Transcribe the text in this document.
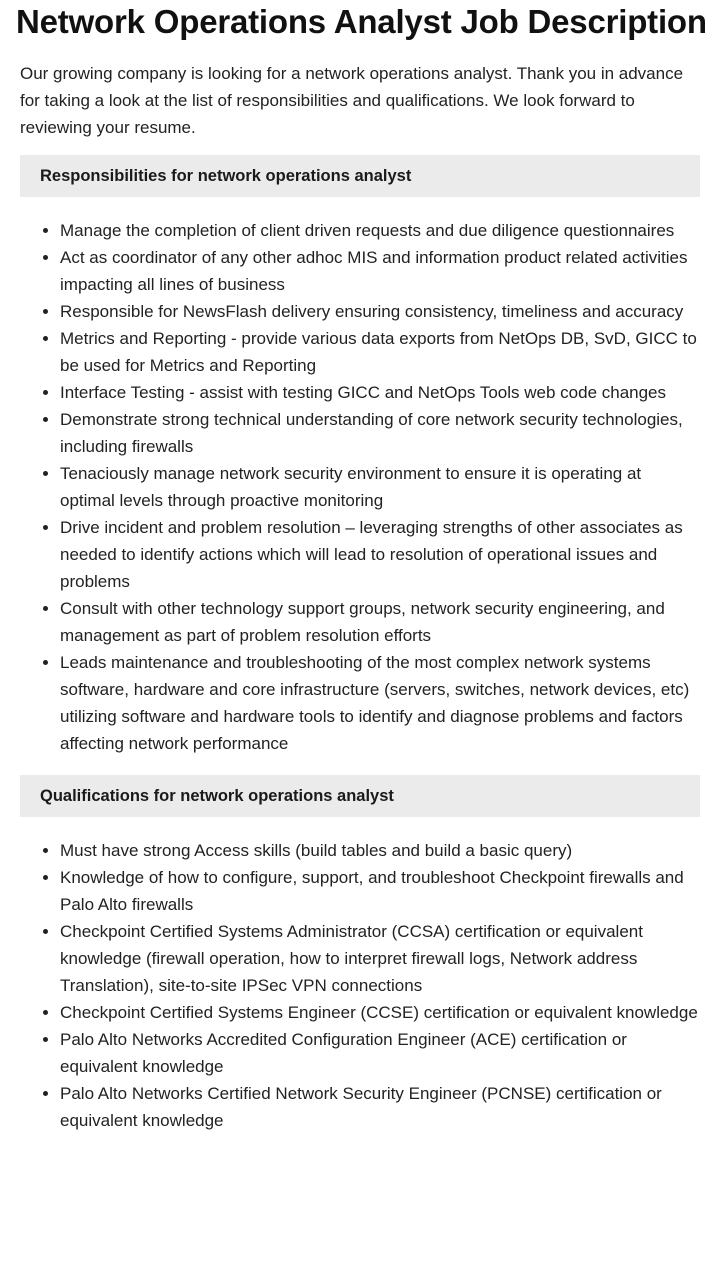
Network Operations Analyst Job Description

Our growing company is looking for a network operations analyst. Thank you in advance for taking a look at the list of responsibilities and qualifications. We look forward to reviewing your resume.

Responsibilities for network operations analyst
• Manage the completion of client driven requests and due diligence questionnaires
• Act as coordinator of any other adhoc MIS and information product related activities impacting all lines of business
• Responsible for NewsFlash delivery ensuring consistency, timeliness and accuracy
• Metrics and Reporting - provide various data exports from NetOps DB, SvD, GICC to be used for Metrics and Reporting
• Interface Testing - assist with testing GICC and NetOps Tools web code changes
• Demonstrate strong technical understanding of core network security technologies, including firewalls
• Tenaciously manage network security environment to ensure it is operating at optimal levels through proactive monitoring
• Drive incident and problem resolution – leveraging strengths of other associates as needed to identify actions which will lead to resolution of operational issues and problems
• Consult with other technology support groups, network security engineering, and management as part of problem resolution efforts
• Leads maintenance and troubleshooting of the most complex network systems software, hardware and core infrastructure (servers, switches, network devices, etc) utilizing software and hardware tools to identify and diagnose problems and factors affecting network performance
Qualifications for network operations analyst
• Must have strong Access skills (build tables and build a basic query)
• Knowledge of how to configure, support, and troubleshoot Checkpoint firewalls and Palo Alto firewalls
• Checkpoint Certified Systems Administrator (CCSA) certification or equivalent knowledge (firewall operation, how to interpret firewall logs, Network address Translation), site-to-site IPSec VPN connections
• Checkpoint Certified Systems Engineer (CCSE) certification or equivalent knowledge
• Palo Alto Networks Accredited Configuration Engineer (ACE) certification or equivalent knowledge
• Palo Alto Networks Certified Network Security Engineer (PCNSE) certification or equivalent knowledge
